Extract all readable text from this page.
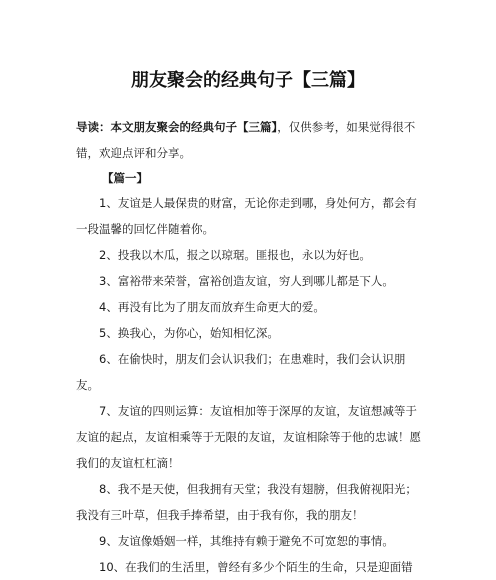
朋友聚会的经典句子【三篇】

导读：本文朋友聚会的经典句子【三篇】，仅供参考，如果觉得很不错，欢迎点评和分享。

【篇一】

1、友谊是人最保贵的财富，无论你走到哪，身处何方，都会有一段温馨的回忆伴随着你。
2、投我以木瓜，报之以琼琚。匪报也，永以为好也。
3、富裕带来荣誉，富裕创造友谊，穷人到哪儿都是下人。
4、再没有比为了朋友而放弃生命更大的爱。
5、换我心，为你心，始知相忆深。
6、在偷快时，朋友们会认识我们；在患难时，我们会认识朋友。
7、友谊的四则运算：友谊相加等于深厚的友谊，友谊想减等于友谊的起点，友谊相乘等于无限的友谊，友谊相除等于他的忠诚！愿我们的友谊杠杠滴！
8、我不是天使，但我拥有天堂；我没有翅膀，但我俯视阳光；我没有三叶草，但我手捧希望，由于我有你，我的朋友！
9、友谊像婚姻一样，其维持有赖于避免不可宽恕的事情。
10、在我们的生活里，曾经有多少个陌生的生命，只是迎面错
